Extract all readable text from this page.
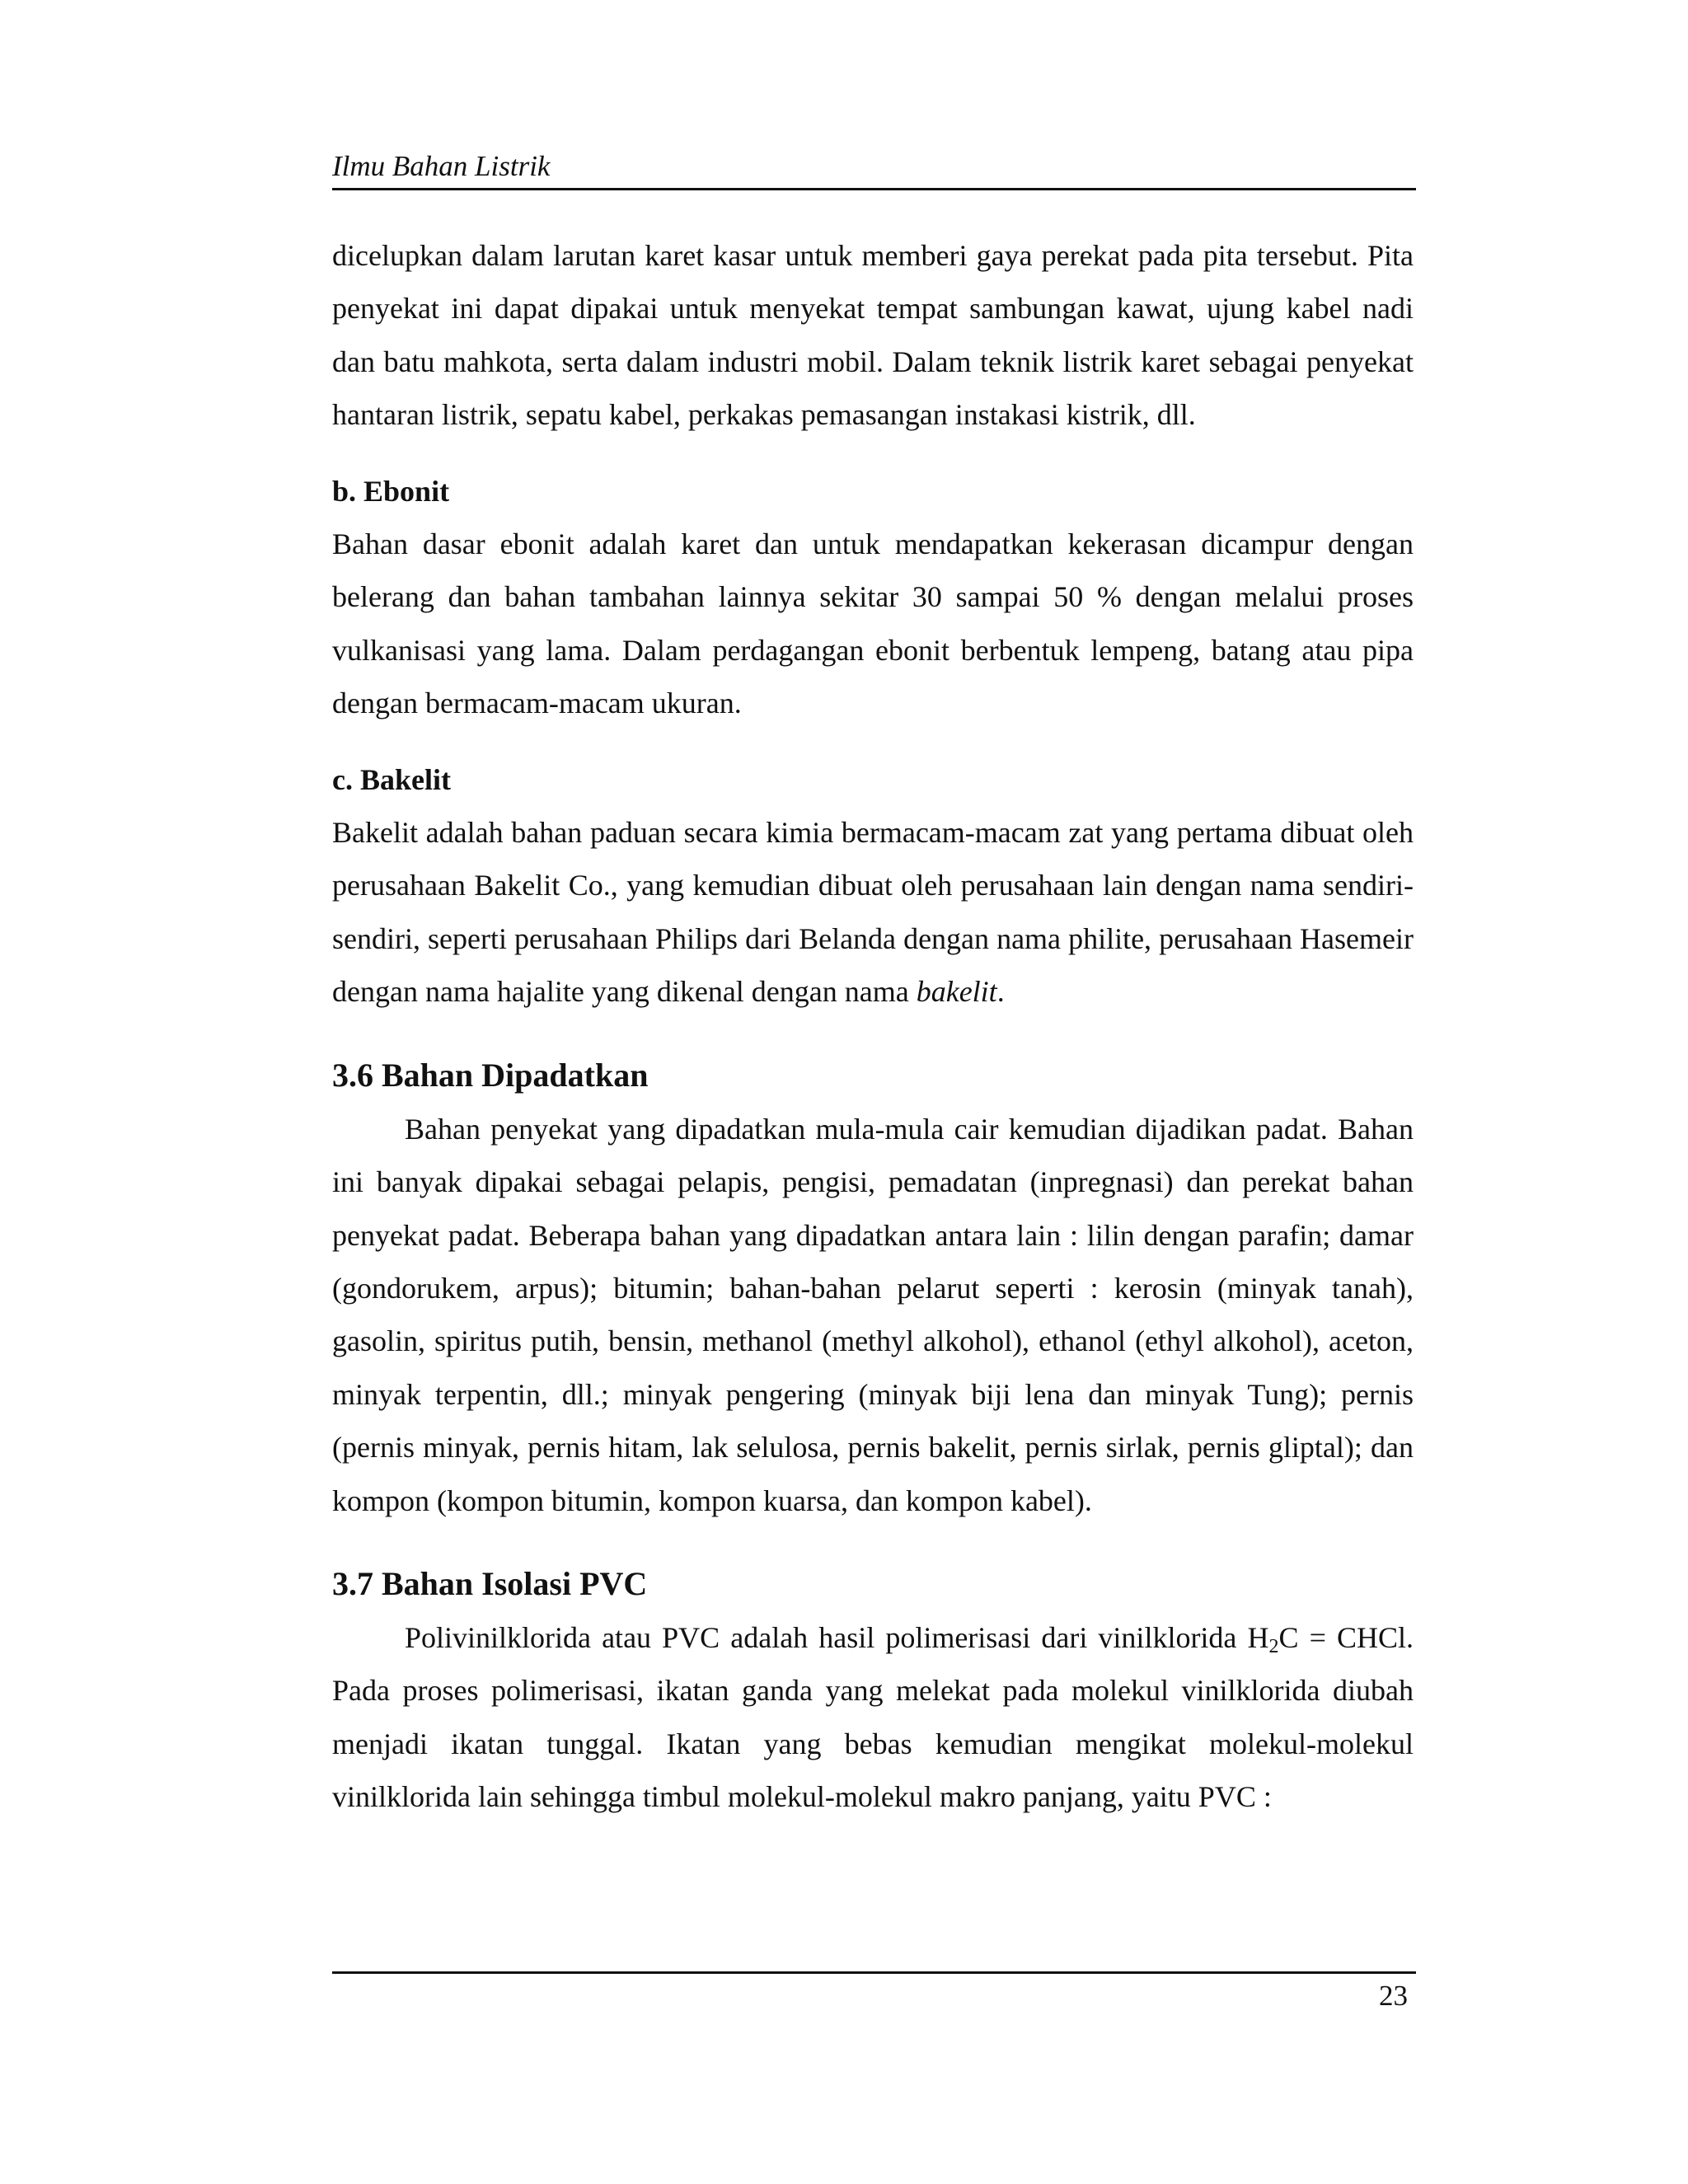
Ilmu Bahan Listrik

dicelupkan dalam larutan karet kasar untuk memberi gaya perekat pada pita tersebut. Pita penyekat ini dapat dipakai untuk menyekat tempat sambungan kawat, ujung kabel nadi dan batu mahkota, serta dalam industri mobil. Dalam teknik listrik karet sebagai penyekat hantaran listrik, sepatu kabel, perkakas pemasangan instakasi kistrik, dll.

b. Ebonit

Bahan dasar ebonit adalah karet dan untuk mendapatkan kekerasan dicampur dengan belerang dan bahan tambahan lainnya sekitar 30 sampai 50 % dengan melalui proses vulkanisasi yang lama. Dalam perdagangan ebonit berbentuk lempeng, batang atau pipa dengan bermacam-macam ukuran.

c. Bakelit

Bakelit adalah bahan paduan secara kimia bermacam-macam zat yang pertama dibuat oleh perusahaan Bakelit Co., yang kemudian dibuat oleh perusahaan lain dengan nama sendiri-sendiri, seperti perusahaan Philips dari Belanda dengan nama philite, perusahaan Hasemeir dengan nama hajalite yang dikenal dengan nama bakelit.

3.6 Bahan Dipadatkan

Bahan penyekat yang dipadatkan mula-mula cair kemudian dijadikan padat. Bahan ini banyak dipakai sebagai pelapis, pengisi, pemadatan (inpregnasi) dan perekat bahan penyekat padat. Beberapa bahan yang dipadatkan antara lain : lilin dengan parafin; damar (gondorukem, arpus); bitumin; bahan-bahan pelarut seperti : kerosin (minyak tanah), gasolin, spiritus putih, bensin, methanol (methyl alkohol), ethanol (ethyl alkohol), aceton, minyak terpentin, dll.; minyak pengering (minyak biji lena dan minyak Tung); pernis (pernis minyak, pernis hitam, lak selulosa, pernis bakelit, pernis sirlak, pernis gliptal); dan kompon (kompon bitumin, kompon kuarsa, dan kompon kabel).

3.7 Bahan Isolasi PVC

Polivinilklorida atau PVC adalah hasil polimerisasi dari vinilklorida $H_2C$ = CHCl. Pada proses polimerisasi, ikatan ganda yang melekat pada molekul vinilklorida diubah menjadi ikatan tunggal. Ikatan yang bebas kemudian mengikat molekul-molekul vinilklorida lain sehingga timbul molekul-molekul makro panjang, yaitu PVC :

23
